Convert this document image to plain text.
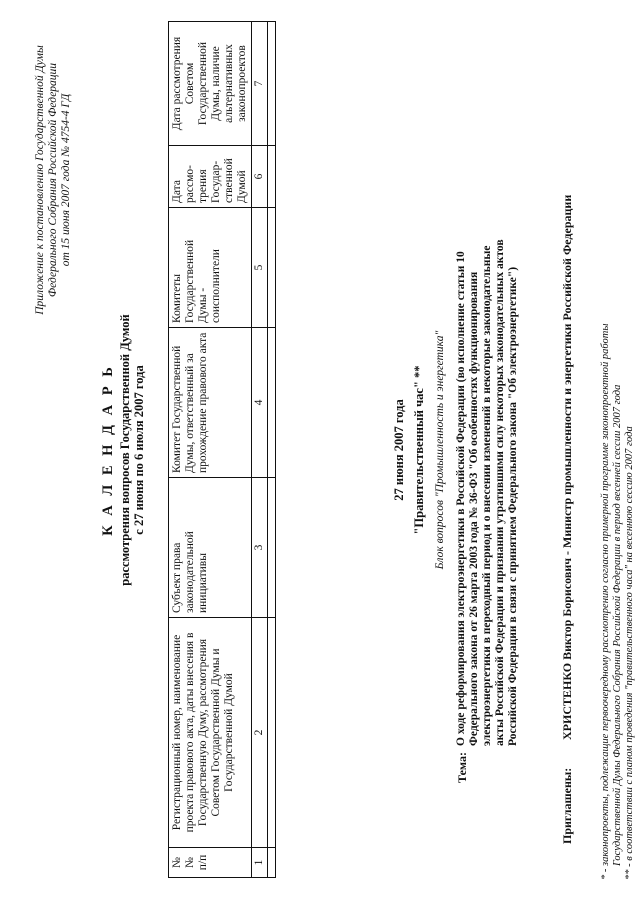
Приложение к постановлению Государственной Думы Федерального Собрания Российской Федерации от 15 июня 2007 года № 4754-4 ГД
К А Л Е Н Д А Р Ь рассмотрения вопросов Государственной Думой с 27 июня по 6 июля 2007 года
№№ п/п	Регистрационный номер, наименование проекта правового акта, даты внесения в Государственную Думу, рассмотрения Советом Государственной Думы и Государственной Думой	Субъект права законодательной инициативы	Комитет Государственной Думы, ответственный за прохождение правового акта	Комитеты Государственной Думы - соисполнители	Дата рассмо-трения Государ-ственной Думой	Дата рассмотрения Советом Государственной Думы, наличие альтернативных законопроектов
1	2	3	4	5	6	7

27 июня 2007 года "Правительственный час" **
Блок вопросов "Промышленность и энергетика"
Тема:
О ходе реформирования электроэнергетики в Российской Федерации (во исполнение статьи 10 Федерального закона от 26 марта 2003 года № 36-ФЗ "Об особенностях функционирования электроэнергетики в переходный период и о внесении изменений в некоторые законодательные акты Российской Федерации и признании утратившими силу некоторых законодательных актов Российской Федерации в связи с принятием Федерального закона "Об электроэнергетике")
Приглашены:
ХРИСТЕНКО Виктор Борисович - Министр промышленности и энергетики Российской Федерации * - законопроекты, подлежащие первоочередному рассмотрению согласно примерной программе законопроектной работы Государственной Думы Федерального Собрания Российской Федерации в период весенней сессии 2007 года ** - в соответствии с планом проведения "правительственного часа" на весеннюю сессию 2007 года
